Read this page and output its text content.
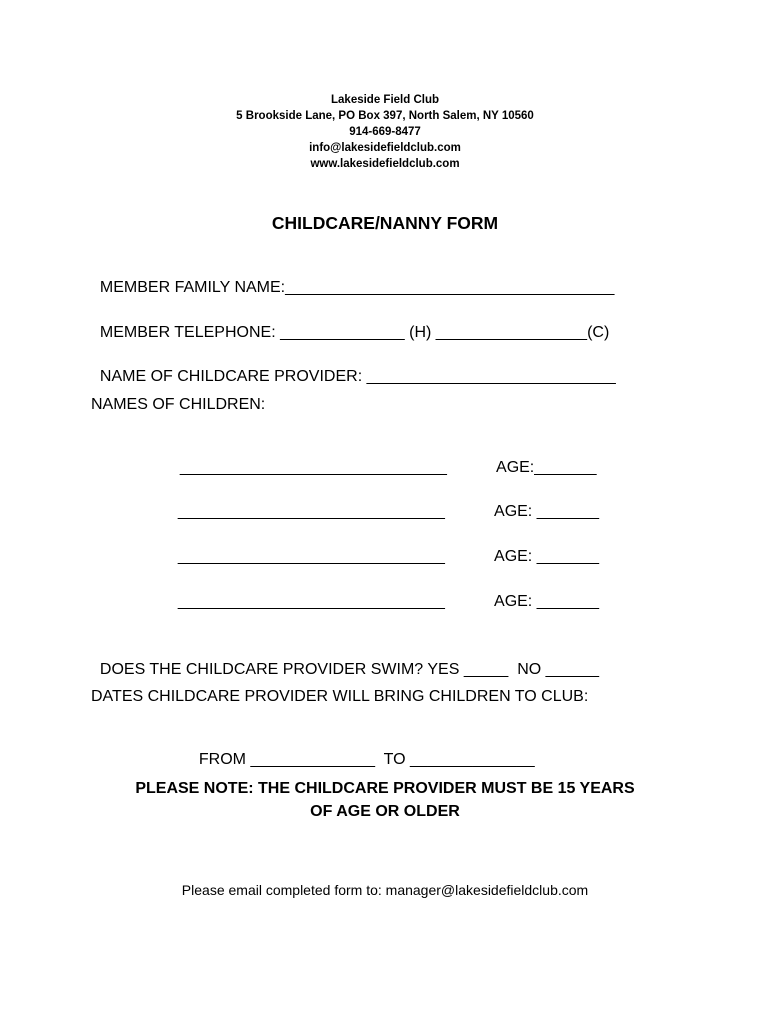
Lakeside Field Club
5 Brookside Lane, PO Box 397, North Salem, NY 10560
914-669-8477
info@lakesidefieldclub.com
www.lakesidefieldclub.com
CHILDCARE/NANNY FORM

MEMBER FAMILY NAME:_____________________________________

MEMBER TELEPHONE: ______________ (H) _________________(C)

NAME OF CHILDCARE PROVIDER: ____________________________

NAMES OF CHILDREN:

______________________________	AGE:_______

______________________________	AGE: _______

______________________________	AGE: _______

______________________________	AGE: _______

DOES THE CHILDCARE PROVIDER SWIM? YES _____ NO ______

DATES CHILDCARE PROVIDER WILL BRING CHILDREN TO CLUB:

FROM ______________ TO ______________

PLEASE NOTE: THE CHILDCARE PROVIDER MUST BE 15 YEARS
OF AGE OR OLDER
Please email completed form to: manager@lakesidefieldclub.com
